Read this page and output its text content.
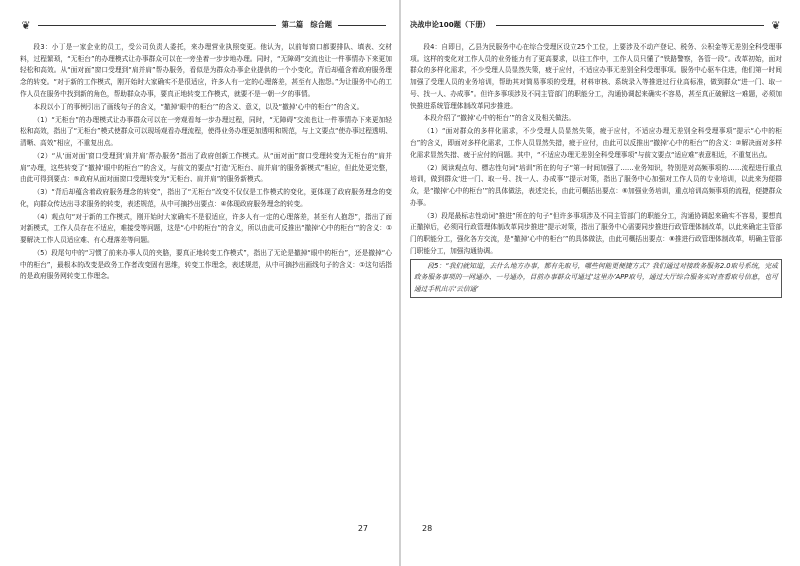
❦	第二篇　综合题

段3：小丁是一家企业的员工，受公司负责人委托，来办理营业执照变更。他认为，以前每窗口都要排队、填表、交材料，过程繁琐，“无柜台”的办理模式让办事群众可以在一旁坐着一步步地办理。同时，“无障碍”交流也让一件事情办下来更加轻松和高效。从“面对面”窗口受理到“肩并肩”帮办服务，看似是为群众办事企业提供的一个小变化，背后却蕴含着政府服务理念的转变。“对于新的工作模式，刚开始时大家确实不是很适应，许多人有一定的心理落差，甚至有人抱怨。”为让服务中心的工作人员在服务中找到新的角色，帮助群众办事，要真正地转变工作模式，就要不是一朝一夕的事情。

本段以小丁的事例引出了画线句子的含义，“撤掉‘眼中的柜台’”的含义、意义，以及“撤掉‘心中的柜台’”的含义。

（1）“无柜台”的办理模式让办事群众可以在一旁观看每一步办理过程，同时，“无障碍”交流也让一件事情办下来更加轻松和高效，指出了“无柜台”模式使群众可以现场观看办理流程，使得业务办理更加透明和规范，与上文要点“使办事过程透明、清晰、高效”相应，不重复出点。

（2）“从‘面对面’窗口受理到‘肩并肩’帮办服务”指出了政府创新工作模式。从“面对面”窗口受理转变为无柜台的“肩并肩”办理，这些转变了“撤掉‘眼中的柜台’”的含义，与前文的要点“打造‘无柜台、肩并肩’的服务新模式”相应，但此处更完整，由此可得到要点：⑤政府从面对面窗口受理转变为“无柜台、肩并肩”的服务新模式。

（3）“背后却蕴含着政府服务理念的转变”，指出了“无柜台”改变不仅仅是工作模式的变化，更体现了政府服务理念的变化，向群众传达出寻求服务的转变，表述规范，从中可摘抄出要点：④体现政府服务理念的转变。

（4）观点句“对于新的工作模式，刚开始时大家确实不是很适应，许多人有一定的心理落差，甚至有人抱怨”，指出了面对新模式，工作人员存在不适应，难接受等问题，这是“心中的柜台”的含义，所以由此可反推出“撤掉‘心中的柜台’”的含义：①要解决工作人员适应难、有心理落差等问题。

（5）段尾句中的“习惯了前来办事人员的夹胳，要真正地转变工作模式”，指出了无论是撤掉“眼中的柜台”，还是撤掉“心中的柜台”，最根本的改变是政务工作者改变固有思维，转变工作理念，表述规范，从中可摘抄出画线句子的含义：①这句话指的是政府服务网转变工作理念。

27
决战申论100题（下册）	❦

段4：自即日，乙县为民服务中心在综合受理区设立25个工位，上要涉及不动产登记、税务、公积金等无差别全科受理事项。这样的变化对工作人员的业务能力有了更高要求，以往工作中，工作人员只懂了“铁路警察，各管一段”。改革初始，面对群众的多样化需求，不少受理人员显然失策，疲于应付，不适应办事无差别全科受理事项。服务中心驱车住进，他们第一时间加强了受理人员的业务培训，帮助其对简易事项的受理，材料审核、系统录入等推进过行业高标准，做到群众“进一门、取一号、找一人、办成事”。但许多事项涉及不同主管部门的职能分工，沟通协调起来确实不容易，甚至真正破解这一难题，必须加快推进系统管理体制改革同步推进。

本段介绍了“撤掉‘心中的柜台’”的含义及相关做法。

（1）“面对群众的多样化需求，不少受理人员显然失策，疲于应付，不适应办理无差别全科受理事项”提示“心中的柜台”的含义，即面对多样化需求，工作人员显然失措，疲于应付，由此可以反推出“撤掉‘心中的柜台’”的含义：②解决面对多样化需求显然失措、疲于应付的问题。其中，“不适应办理无差别全科受理事项”与前文要点“适应难”表意相近，不重复出点。

（2）阅读观点句、標志性句词“培训”所在的句子“第一时间加强了……业务知识，特别是对高频事项的……流程进行重点培训，做到群众‘进一门、取一号、找一人、办成事’”提示对策，指出了服务中心加强对工作人员的专业培训，以此来为便群众，是“撤掉‘心中的柜台’”的具体做法，表述完长，由此可概括出要点：⑥加强业务培训，重点培训高频事项的流程，便捷群众办事。

（3）段尾最标志性动词“推进”所在的句子“但许多事项涉及不同主管部门的职能分工，沟通协调起来确实不容易，要想真正撤掉后，必须同行政管理体制改革同步推进”提示对策，指出了服务中心需要同步推进行政管理体制改革，以此来确定主管部门的职能分工，强化各方交流，是“撤掉‘心中的柜台’”的具体做法，由此可概括出要点：⑧推进行政管理体制改革，明确主管部门职能分工，加强沟通协调。

段5：“我们就知道，去什么地方办事，都有先取号，哪些何能更便捷方式？我们通过对接政务服务2.0取号系统，完成政务服务事项的一网通办、一号通办，目前办事群众可通过‘这里办’APP取号，通过大厅综合服务实时查看取号信息，也可通过手机出示‘云信通’

28
